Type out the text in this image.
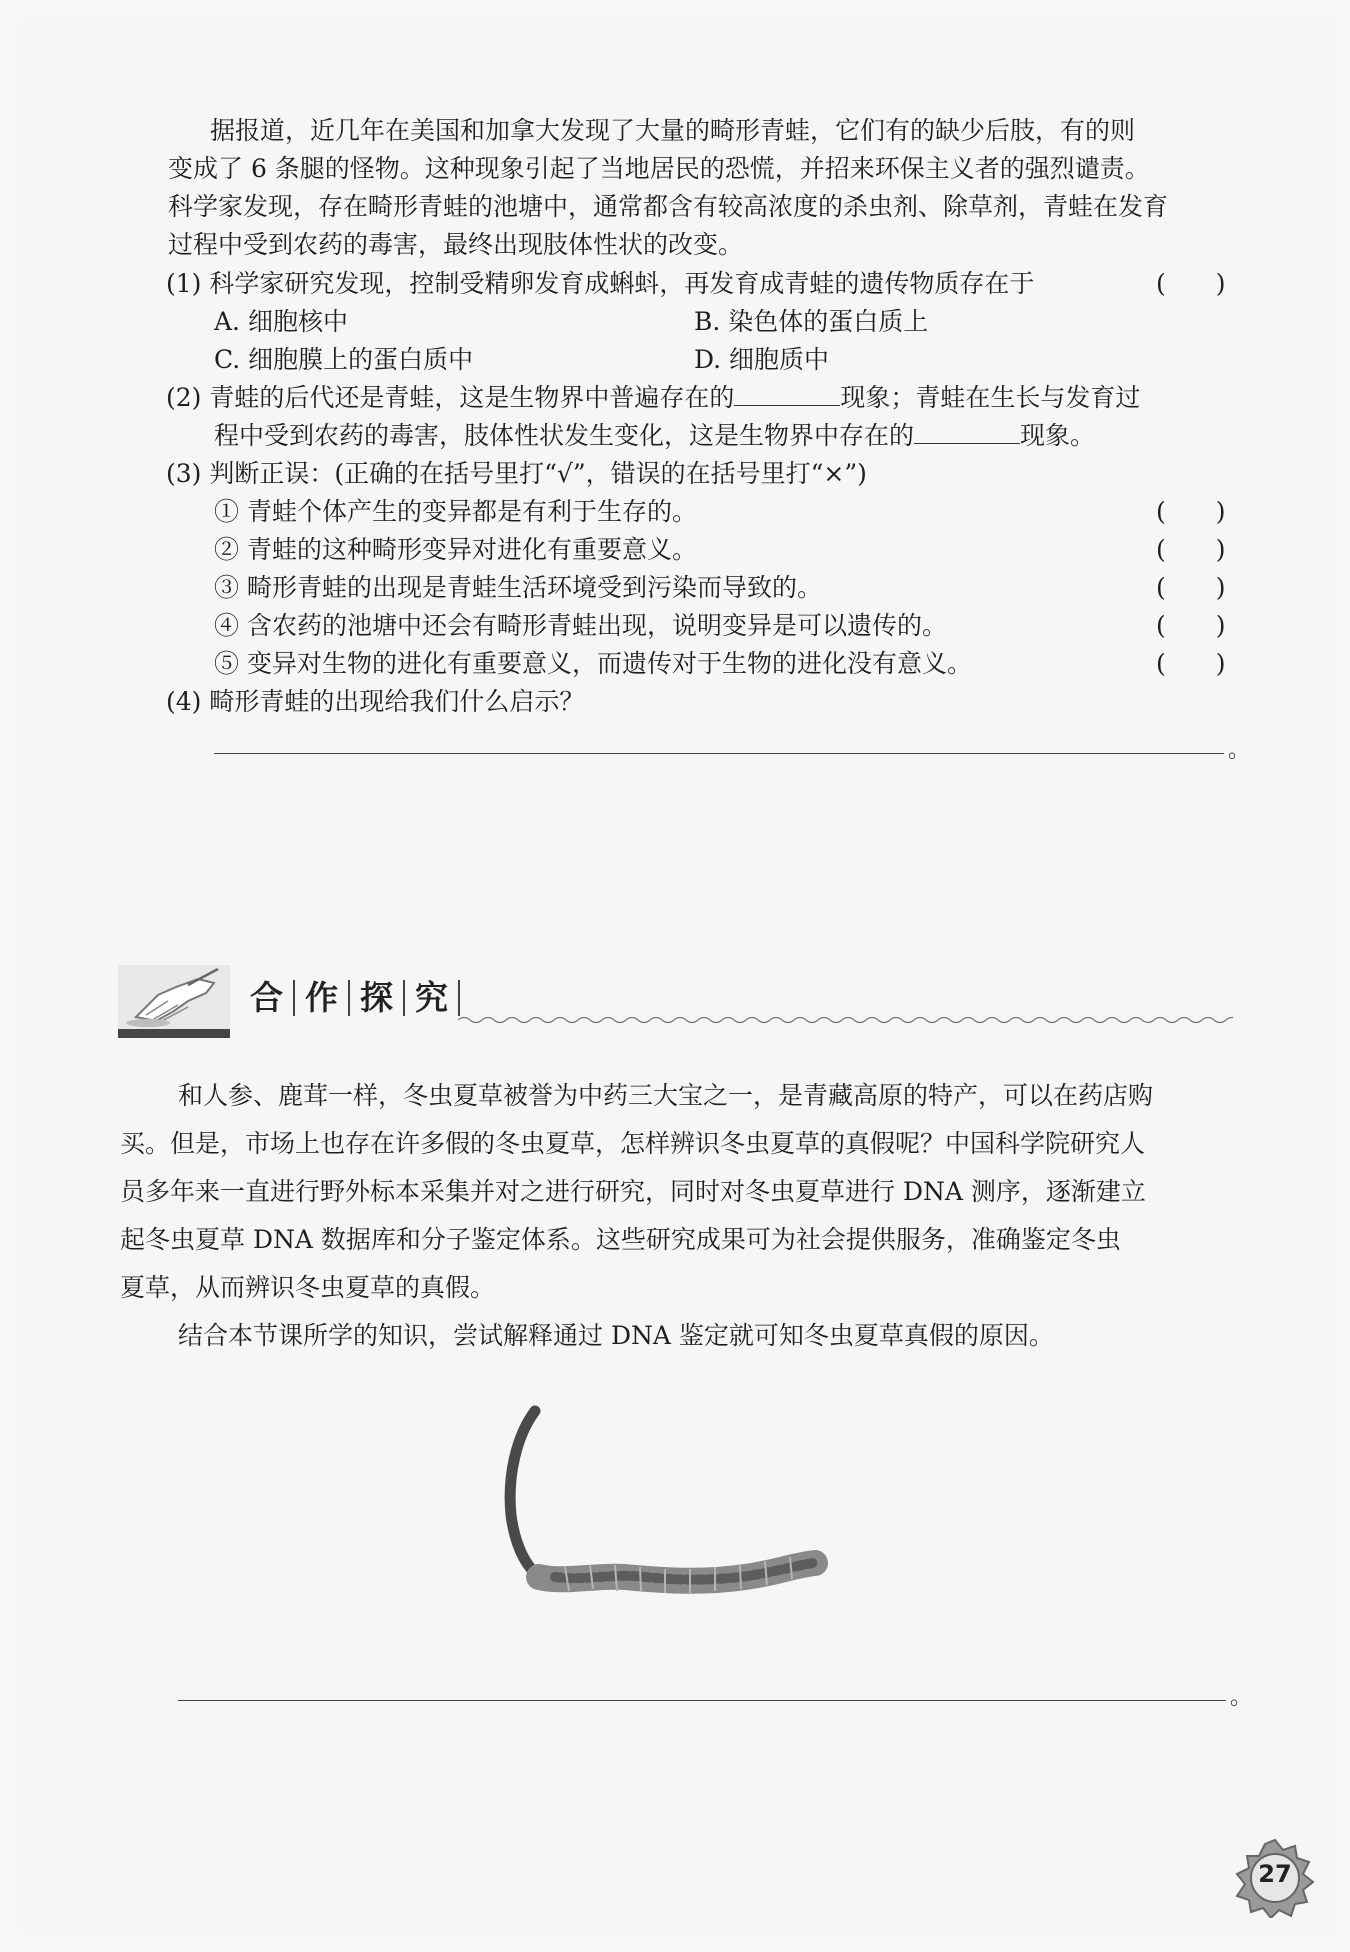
据报道，近几年在美国和加拿大发现了大量的畸形青蛙，它们有的缺少后肢，有的则
变成了 6 条腿的怪物。这种现象引起了当地居民的恐慌，并招来环保主义者的强烈谴责。
科学家发现，存在畸形青蛙的池塘中，通常都含有较高浓度的杀虫剂、除草剂，青蛙在发育
过程中受到农药的毒害，最终出现肢体性状的改变。
(1) 科学家研究发现，控制受精卵发育成蝌蚪，再发育成青蛙的遗传物质存在于	(　　)
A. 细胞核中	B. 染色体的蛋白质上
C. 细胞膜上的蛋白质中	D. 细胞质中
(2) 青蛙的后代还是青蛙，这是生物界中普遍存在的	现象；青蛙在生长与发育过
程中受到农药的毒害，肢体性状发生变化，这是生物界中存在的	现象。
(3) 判断正误：(正确的在括号里打“√”，错误的在括号里打“×”)
① 青蛙个体产生的变异都是有利于生存的。	(　　)
② 青蛙的这种畸形变异对进化有重要意义。	(　　)
③ 畸形青蛙的出现是青蛙生活环境受到污染而导致的。	(　　)
④ 含农药的池塘中还会有畸形青蛙出现，说明变异是可以遗传的。	(　　)
⑤ 变异对生物的进化有重要意义，而遗传对于生物的进化没有意义。	(　　)
(4) 畸形青蛙的出现给我们什么启示？
。
合 作 探 究
和人参、鹿茸一样，冬虫夏草被誉为中药三大宝之一，是青藏高原的特产，可以在药店购
买。但是，市场上也存在许多假的冬虫夏草，怎样辨识冬虫夏草的真假呢？中国科学院研究人
员多年来一直进行野外标本采集并对之进行研究，同时对冬虫夏草进行 DNA 测序，逐渐建立
起冬虫夏草 DNA 数据库和分子鉴定体系。这些研究成果可为社会提供服务，准确鉴定冬虫
夏草，从而辨识冬虫夏草的真假。
结合本节课所学的知识，尝试解释通过 DNA 鉴定就可知冬虫夏草真假的原因。
。
27
